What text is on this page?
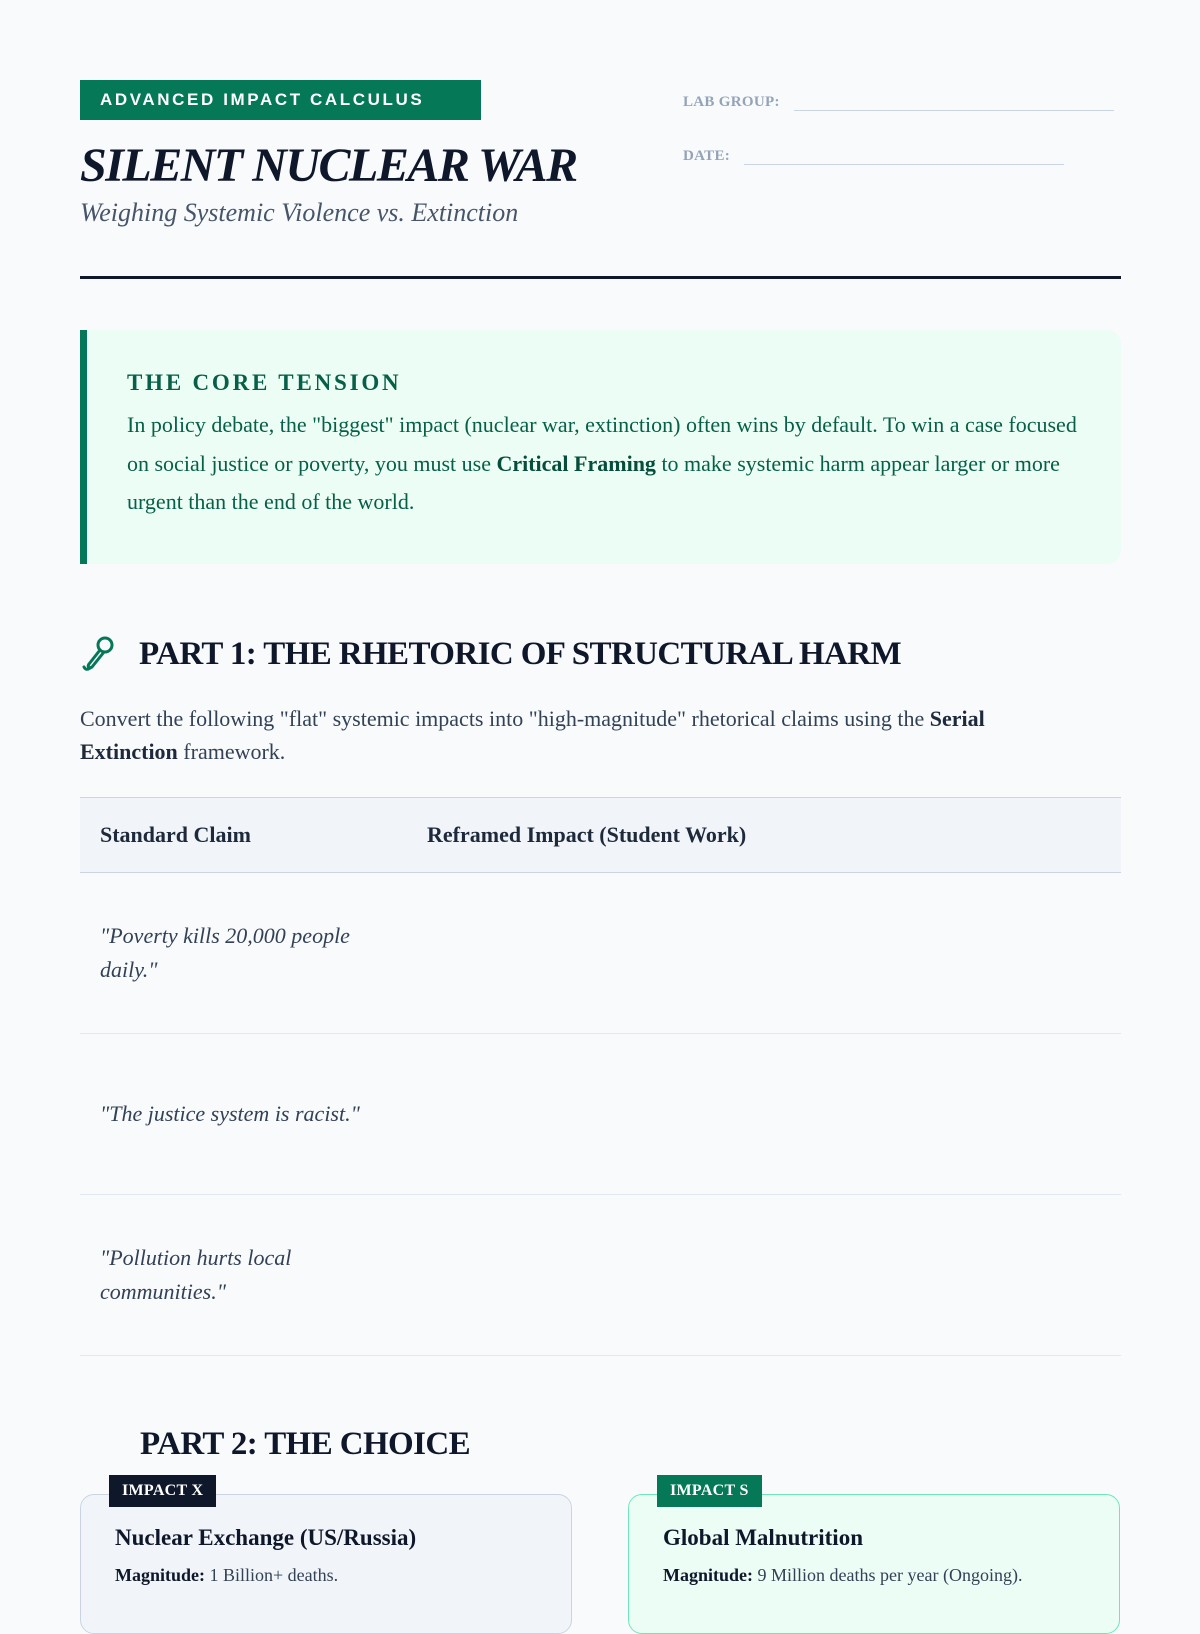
ADVANCED IMPACT CALCULUS
SILENT NUCLEAR WAR
Weighing Systemic Violence vs. Extinction
LAB GROUP:
DATE:
THE CORE TENSION

In policy debate, the "biggest" impact (nuclear war, extinction) often wins by default. To win a case focused on social justice or poverty, you must use Critical Framing to make systemic harm appear larger or more urgent than the end of the world.

PART 1: THE RHETORIC OF STRUCTURAL HARM

Convert the following "flat" systemic impacts into "high-magnitude" rhetorical claims using the Serial Extinction framework.

Standard Claim	Reframed Impact (Student Work)
"Poverty kills 20,000 people daily."
"The justice system is racist."
"Pollution hurts local communities."
PART 2: THE CHOICE
IMPACT X
Nuclear Exchange (US/Russia)

Magnitude: 1 Billion+ deaths.

IMPACT S
Global Malnutrition

Magnitude: 9 Million deaths per year (Ongoing).
